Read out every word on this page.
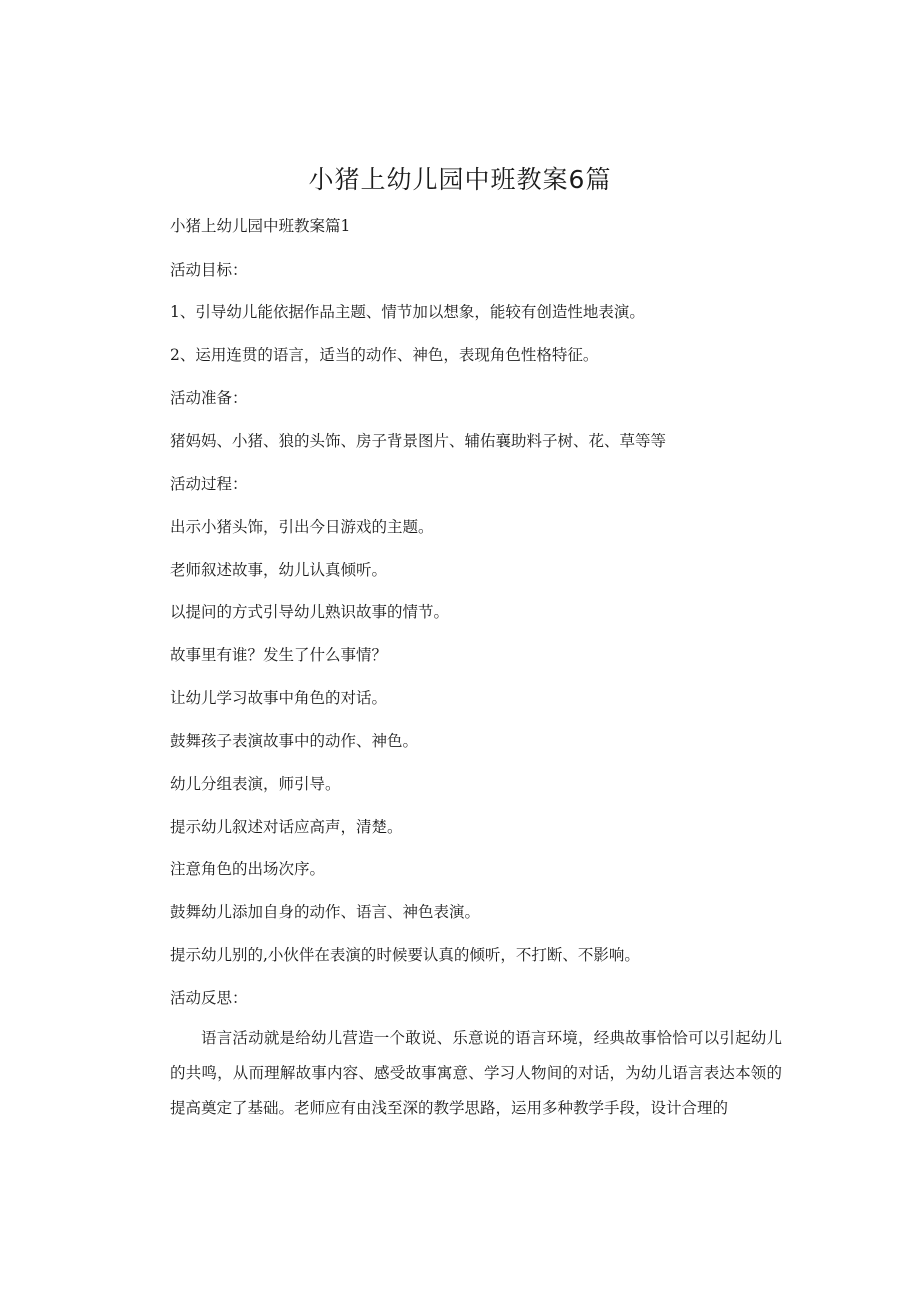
小猪上幼儿园中班教案6篇

小猪上幼儿园中班教案篇1

活动目标：

1、引导幼儿能依据作品主题、情节加以想象，能较有创造性地表演。

2、运用连贯的语言，适当的动作、神色，表现角色性格特征。

活动准备：

猪妈妈、小猪、狼的头饰、房子背景图片、辅佑襄助料子树、花、草等等

活动过程：

出示小猪头饰，引出今日游戏的主题。

老师叙述故事，幼儿认真倾听。

以提问的方式引导幼儿熟识故事的情节。

故事里有谁？发生了什么事情？

让幼儿学习故事中角色的对话。

鼓舞孩子表演故事中的动作、神色。

幼儿分组表演，师引导。

提示幼儿叙述对话应高声，清楚。

注意角色的出场次序。

鼓舞幼儿添加自身的动作、语言、神色表演。

提示幼儿别的,小伙伴在表演的时候要认真的倾听，不打断、不影响。

活动反思：

语言活动就是给幼儿营造一个敢说、乐意说的语言环境，经典故事恰恰可以引起幼儿的共鸣，从而理解故事内容、感受故事寓意、学习人物间的对话，为幼儿语言表达本领的提高奠定了基础。老师应有由浅至深的教学思路，运用多种教学手段，设计合理的
